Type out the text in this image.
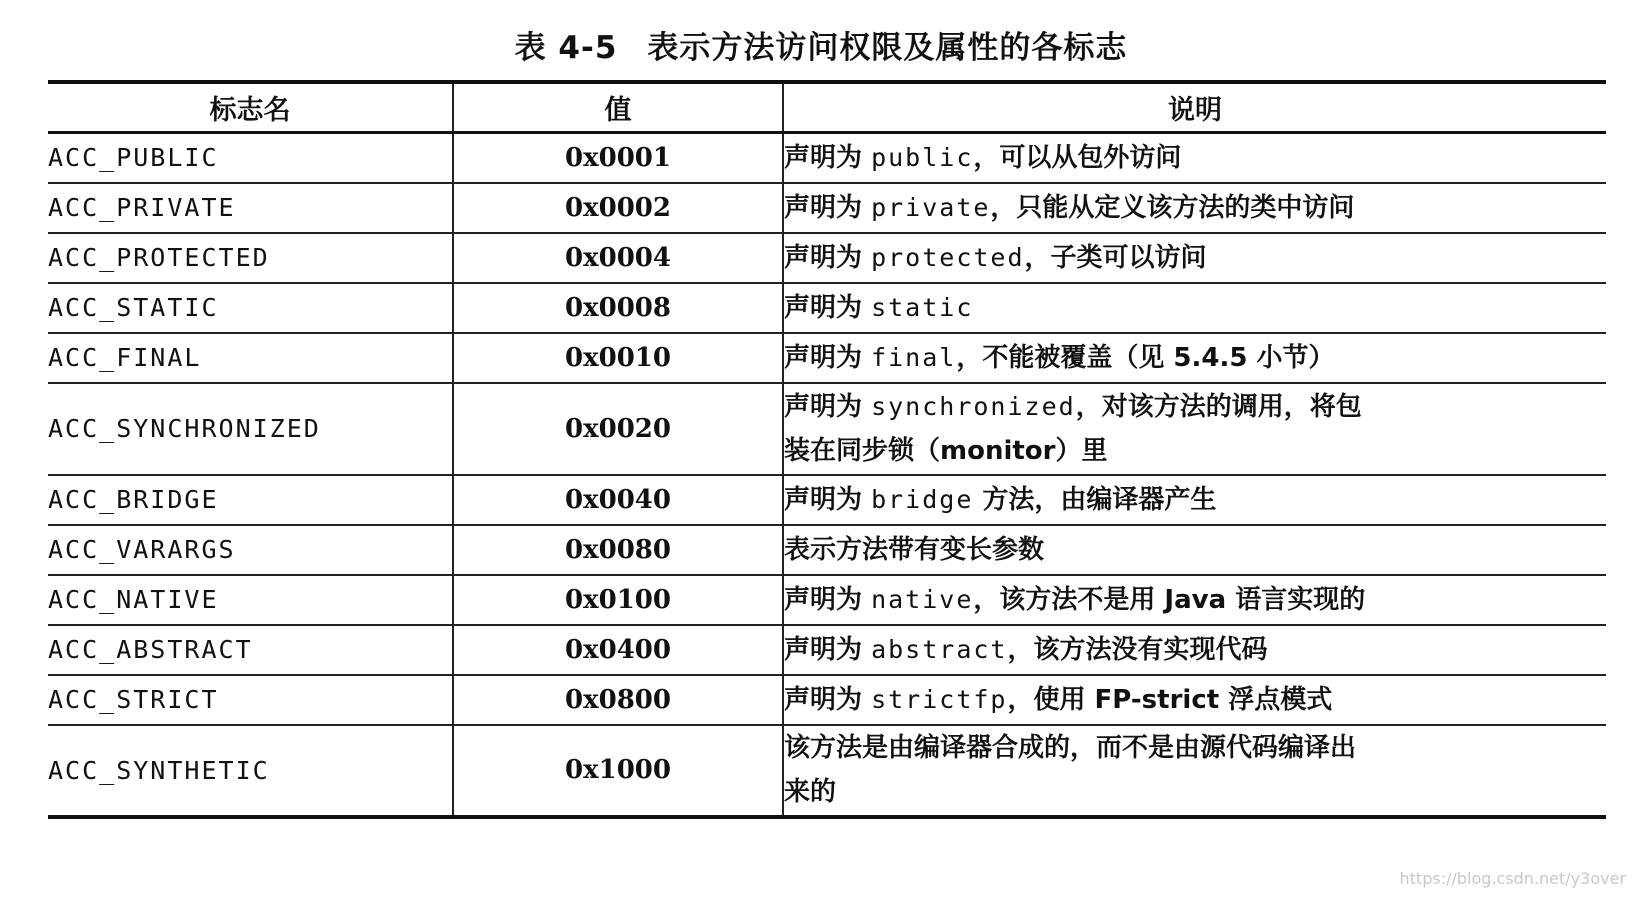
表 4-5 表示方法访问权限及属性的各标志
标志名	值	说明
ACC_PUBLIC	0x0001	声明为 public，可以从包外访问

ACC_PRIVATE	0x0002	声明为 private，只能从定义该方法的类中访问

ACC_PROTECTED	0x0004	声明为 protected，子类可以访问

ACC_STATIC	0x0008	声明为 static

ACC_FINAL	0x0010	声明为 final，不能被覆盖（见 5.4.5 小节）

ACC_SYNCHRONIZED	0x0020	声明为 synchronized，对该方法的调用，将包
装在同步锁（monitor）里

ACC_BRIDGE	0x0040	声明为 bridge 方法，由编译器产生

ACC_VARARGS	0x0080	表示方法带有变长参数

ACC_NATIVE	0x0100	声明为 native，该方法不是用 Java 语言实现的

ACC_ABSTRACT	0x0400	声明为 abstract，该方法没有实现代码

ACC_STRICT	0x0800	声明为 strictfp，使用 FP-strict 浮点模式

ACC_SYNTHETIC	0x1000	该方法是由编译器合成的，而不是由源代码编译出
来的
https://blog.csdn.net/y3over
